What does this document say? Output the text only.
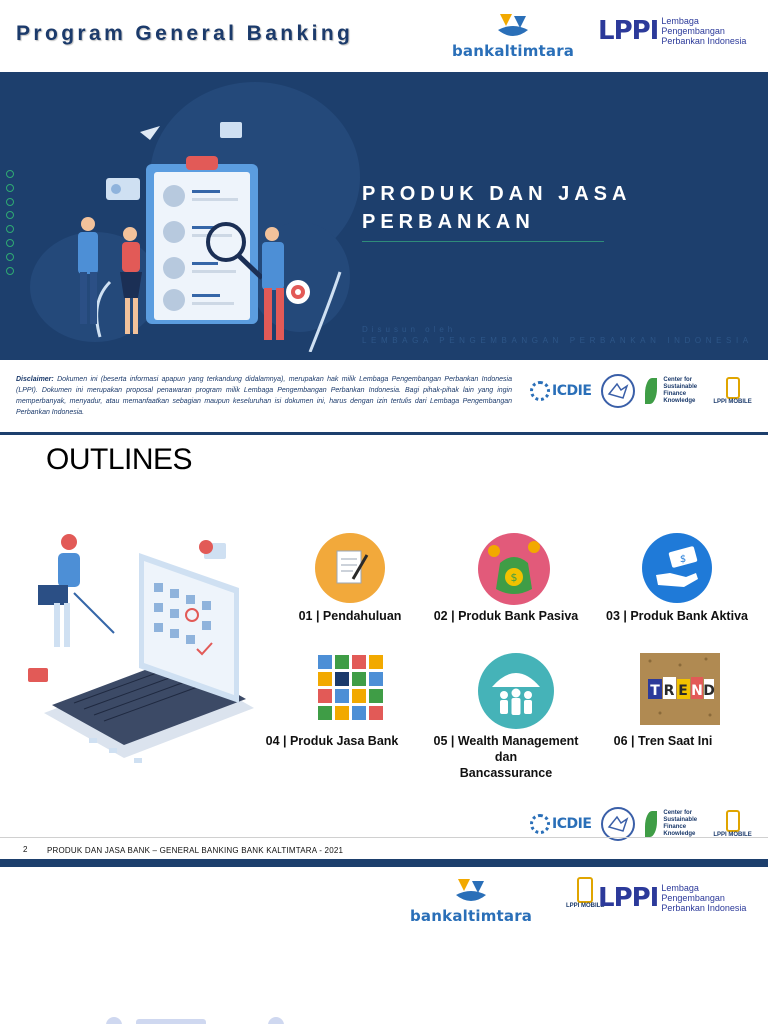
Program General Banking
bankaltimtara
LPPI Lembaga Pengembangan Perbankan Indonesia
PRODUK DAN JASA PERBANKAN
Disusun oleh
LEMBAGA PENGEMBANGAN PERBANKAN INDONESIA

Disclaimer: Dokumen ini (beserta informasi apapun yang terkandung didalamnya), merupakan hak milik Lembaga Pengembangan Perbankan Indonesia (LPPI). Dokumen ini merupakan proposal penawaran program milik Lembaga Pengembangan Perbankan Indonesia. Bagi pihak-pihak lain yang ingin memperbanyak, menyadur, atau memanfaatkan sebagian maupun keseluruhan isi dokumen ini, harus dengan izin tertulis dari Lembaga Pengembangan Perbankan Indonesia.

ICDIE
Center for Sustainable Finance Knowledge	LPPI MOBILE
OUTLINES
01 | Pendahuluan
$
02 | Produk Bank Pasiva
$
03 | Produk Bank Aktiva
04 | Produk Jasa Bank	05 | Wealth Management
dan
Bancassurance
T R E N D
06 | Tren Saat Ini
ICDIE
Center for Sustainable Finance Knowledge	LPPI MOBILE
2 PRODUK DAN JASA BANK – GENERAL BANKING BANK KALTIMTARA - 2021
bankaltimtara
LPPI MOBILE
LPPI Lembaga Pengembangan Perbankan Indonesia
